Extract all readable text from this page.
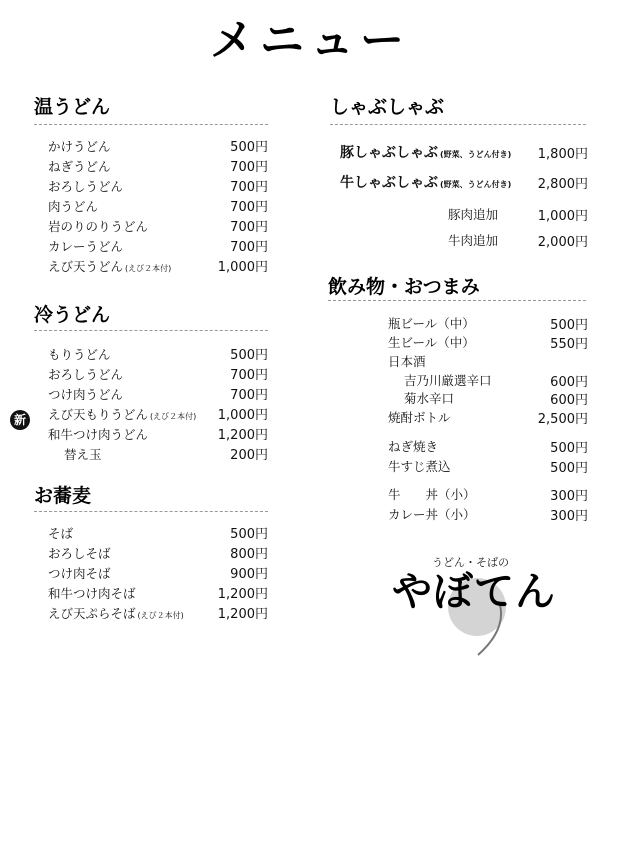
メニュー
温うどん
かけうどん	500円
ねぎうどん	700円
おろしうどん	700円
肉うどん	700円
岩のりのりうどん	700円
カレーうどん	700円
えび天うどん (えび２本付)	1,000円
冷うどん
もりうどん	500円
おろしうどん	700円
つけ肉うどん	700円
新	えび天もりうどん (えび２本付)	1,000円
和牛つけ肉うどん	1,200円
替え玉	200円
お蕎麦
そば	500円
おろしそば	800円
つけ肉そば	900円
和牛つけ肉そば	1,200円
えび天ぷらそば (えび２本付)	1,200円
しゃぶしゃぶ
豚しゃぶしゃぶ (野菜、うどん付き)	1,800円
牛しゃぶしゃぶ (野菜、うどん付き)	2,800円
豚肉追加	1,000円
牛肉追加	2,000円
飲み物・おつまみ
瓶ビール（中）	500円
生ビール（中）	550円
日本酒
吉乃川厳選辛口	600円
菊水辛口	600円
焼酎ボトル	2,500円
ねぎ焼き	500円
牛すじ煮込	500円
牛　　丼（小）	300円
カレー丼（小）	300円
うどん・そばの
やぼてん
